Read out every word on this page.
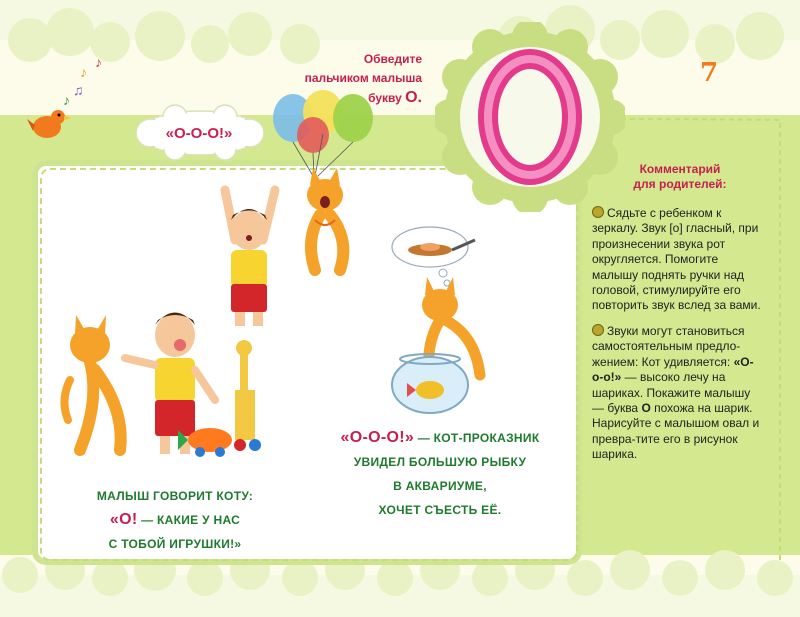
Обведите
пальчиком малыша
букву О.
7
♪
♪
♫
♪
«О-О-О!»
МАЛЫШ ГОВОРИТ КОТУ:
«О! — КАКИЕ У НАС
С ТОБОЙ ИГРУШКИ!»
«О-О-О!» — КОТ-ПРОКАЗНИК
УВИДЕЛ БОЛЬШУЮ РЫБКУ
В АКВАРИУМЕ,
ХОЧЕТ СЪЕСТЬ ЕЁ.
Комментарий
для родителей:
Сядьте с ребенком к зеркалу. Звук [о] гласный, при произнесении звука рот округляется. Помогите малышу поднять ручки над головой, стимулируйте его повторить звук вслед за вами.
Звуки могут становиться самостоятельным предло-жением: Кот удивляется: «О-о-о!» — высоко лечу на шариках. Покажите малышу — буква О похожа на шарик. Нарисуйте с малышом овал и превра-тите его в рисунок шарика.
